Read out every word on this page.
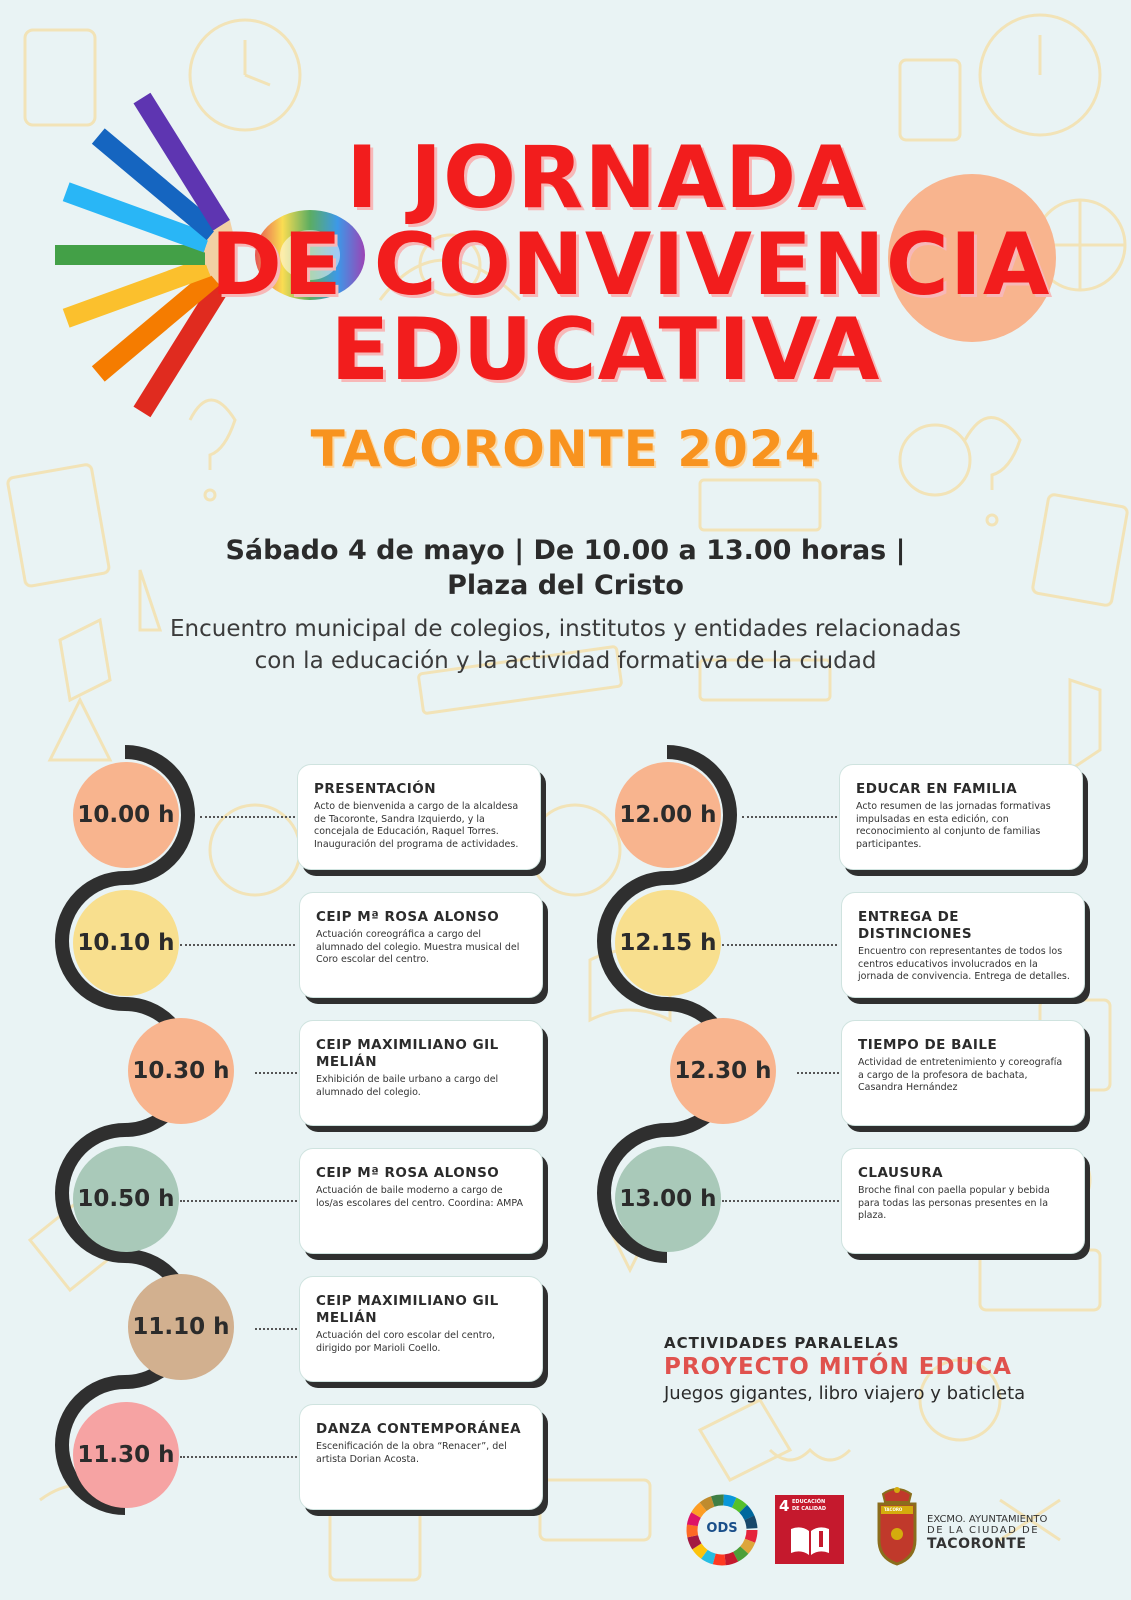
I JORNADA
DE CONVIVENCIA
EDUCATIVA
TACORONTE 2024
Sábado 4 de mayo | De 10.00 a 13.00 horas |
Plaza del Cristo
Encuentro municipal de colegios, institutos y entidades relacionadas
con la educación y la actividad formativa de la ciudad
10.00 h
PRESENTACIÓN

Acto de bienvenida a cargo de la alcaldesa de Tacoronte, Sandra Izquierdo, y la concejala de Educación, Raquel Torres. Inauguración del programa de actividades.

10.10 h
CEIP Mª ROSA ALONSO

Actuación coreográfica a cargo del alumnado del colegio. Muestra musical del Coro escolar del centro.

10.30 h
CEIP MAXIMILIANO GIL MELIÁN

Exhibición de baile urbano a cargo del alumnado del colegio.

10.50 h
CEIP Mª ROSA ALONSO

Actuación de baile moderno a cargo de los/as escolares del centro. Coordina: AMPA

11.10 h
CEIP MAXIMILIANO GIL MELIÁN

Actuación del coro escolar del centro, dirigido por Marioli Coello.

11.30 h
DANZA CONTEMPORÁNEA

Escenificación de la obra “Renacer”, del artista Dorian Acosta.

12.00 h
EDUCAR EN FAMILIA

Acto resumen de las jornadas formativas impulsadas en esta edición, con reconocimiento al conjunto de familias participantes.

12.15 h
ENTREGA DE DISTINCIONES

Encuentro con representantes de todos los centros educativos involucrados en la jornada de convivencia. Entrega de detalles.

12.30 h
TIEMPO DE BAILE

Actividad de entretenimiento y coreografía a cargo de la profesora de bachata, Casandra Hernández

13.00 h
CLAUSURA

Broche final con paella popular y bebida para todas las personas presentes en la plaza.

ACTIVIDADES PARALELAS
PROYECTO MITÓN EDUCA
Juegos gigantes, libro viajero y baticleta
ODS
4 EDUCACIÓN
DE CALIDAD	TACORO
EXCMO. AYUNTAMIENTO
DE LA CIUDAD DE
TACORONTE
